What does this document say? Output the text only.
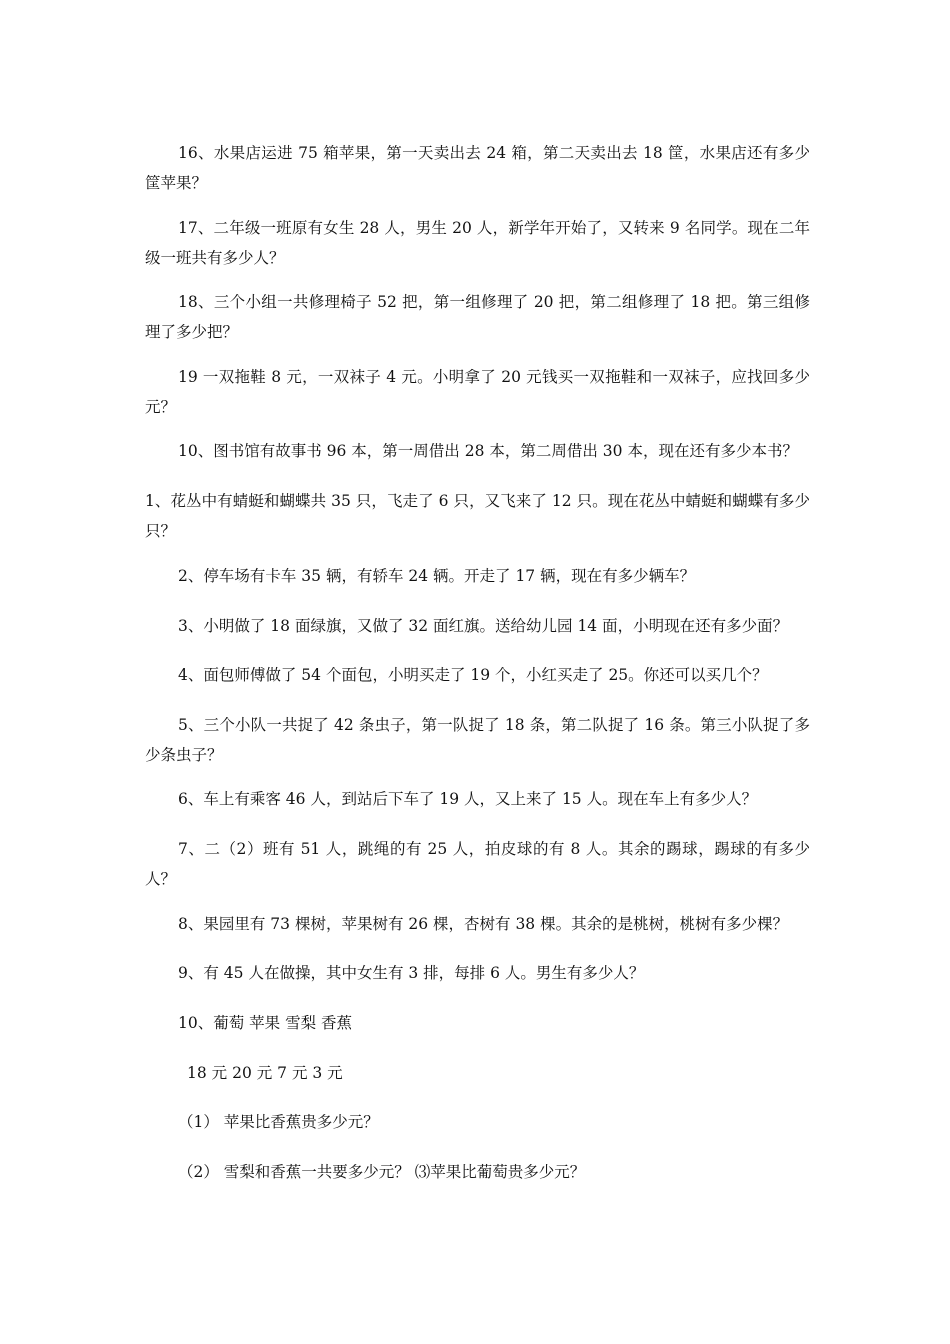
16、水果店运进 75 箱苹果，第一天卖出去 24 箱，第二天卖出去 18 筐，水果店还有多少筐苹果？

17、二年级一班原有女生 28 人，男生 20 人，新学年开始了，又转来 9 名同学。现在二年级一班共有多少人？

18、三个小组一共修理椅子 52 把，第一组修理了 20 把，第二组修理了 18 把。第三组修理了多少把？

19 一双拖鞋 8 元，一双袜子 4 元。小明拿了 20 元钱买一双拖鞋和一双袜子，应找回多少元？

10、图书馆有故事书 96 本，第一周借出 28 本，第二周借出 30 本，现在还有多少本书？

1、花丛中有蜻蜓和蝴蝶共 35 只，飞走了 6 只，又飞来了 12 只。现在花丛中蜻蜓和蝴蝶有多少只？

2、停车场有卡车 35 辆，有轿车 24 辆。开走了 17 辆，现在有多少辆车？

3、小明做了 18 面绿旗，又做了 32 面红旗。送给幼儿园 14 面，小明现在还有多少面？

4、面包师傅做了 54 个面包，小明买走了 19 个，小红买走了 25。你还可以买几个？

5、三个小队一共捉了 42 条虫子，第一队捉了 18 条，第二队捉了 16 条。第三小队捉了多少条虫子？

6、车上有乘客 46 人，到站后下车了 19 人，又上来了 15 人。现在车上有多少人？

7、二（2）班有 51 人，跳绳的有 25 人，拍皮球的有 8 人。其余的踢球，踢球的有多少人？

8、果园里有 73 棵树，苹果树有 26 棵，杏树有 38 棵。其余的是桃树，桃树有多少棵？

9、有 45 人在做操，其中女生有 3 排，每排 6 人。男生有多少人？

10、葡萄 苹果 雪梨 香蕉

18 元 20 元 7 元 3 元

（1） 苹果比香蕉贵多少元？

（2） 雪梨和香蕉一共要多少元？ ⑶苹果比葡萄贵多少元？
